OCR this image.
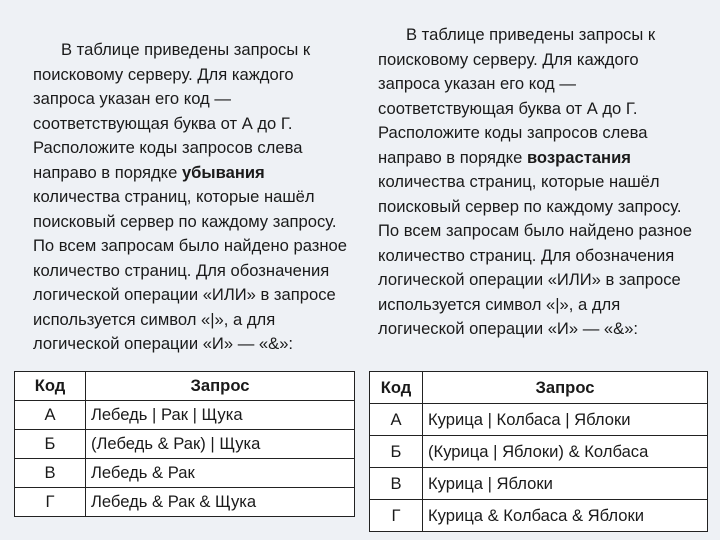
В таблице приведены запросы к поисковому серверу. Для каждого запроса указан его код — соответствующая буква от А до Г. Расположите коды запросов слева направо в порядке убывания количества страниц, которые нашёл поисковый сервер по каждому запросу. По всем запросам было найдено разное количество страниц. Для обозначения логической операции «ИЛИ» в запросе используется символ «|», а для логической операции «И» — «&»:

Код	Запрос
А	Лебедь | Рак | Щука
Б	(Лебедь & Рак) | Щука
В	Лебедь & Рак
Г	Лебедь & Рак & Щука

В таблице приведены запросы к поисковому серверу. Для каждого запроса указан его код — соответствующая буква от А до Г. Расположите коды запросов слева направо в порядке возрастания количества страниц, которые нашёл поисковый сервер по каждому запросу. По всем запросам было найдено разное количество страниц. Для обозначения логической операции «ИЛИ» в запросе используется символ «|», а для логической операции «И» — «&»:

Код	Запрос
А	Курица | Колбаса | Яблоки
Б	(Курица | Яблоки) & Колбаса
В	Курица | Яблоки
Г	Курица & Колбаса & Яблоки
